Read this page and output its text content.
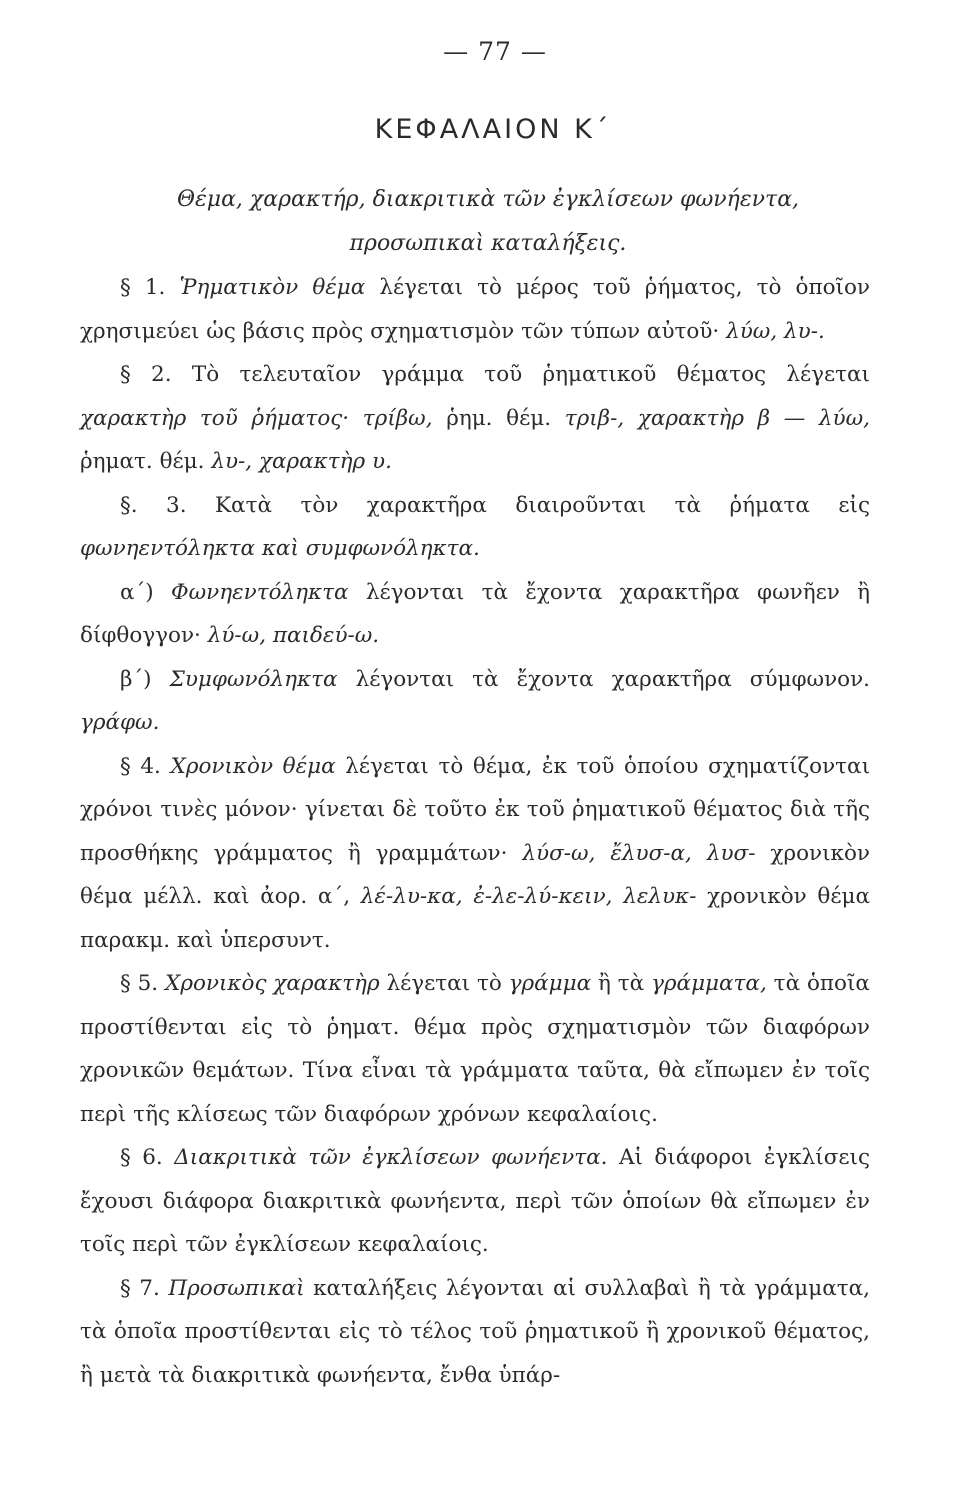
— 77 —
ΚΕΦΑΛΑΙΟΝ Κ΄
Θέμα, χαρακτήρ, διακριτικὰ τῶν ἐγκλίσεων φωνήεντα,
προσωπικαὶ καταλήξεις.

§ 1. Ῥηματικὸν θέμα λέγεται τὸ μέρος τοῦ ῥήματος, τὸ ὁποῖον χρησιμεύει ὡς βάσις πρὸς σχηματισμὸν τῶν τύπων αὐτοῦ· λύω, λυ-.

§ 2. Τὸ τελευταῖον γράμμα τοῦ ῥηματικοῦ θέματος λέγεται χαρακτὴρ τοῦ ῥήματος· τρίβω, ῥημ. θέμ. τριβ-, χαρακτὴρ β — λύω, ῥηματ. θέμ. λυ-, χαρακτὴρ υ.

§. 3. Κατὰ τὸν χαρακτῆρα διαιροῦνται τὰ ῥήματα εἰς φωνηεντόληκτα καὶ συμφωνόληκτα.

α΄) Φωνηεντόληκτα λέγονται τὰ ἔχοντα χαρακτῆρα φωνῆεν ἢ δίφθογγον· λύ-ω, παιδεύ-ω.

β΄) Συμφωνόληκτα λέγονται τὰ ἔχοντα χαρακτῆρα σύμφωνον. γράφω.

§ 4. Χρονικὸν θέμα λέγεται τὸ θέμα, ἐκ τοῦ ὁποίου σχηματίζονται χρόνοι τινὲς μόνον· γίνεται δὲ τοῦτο ἐκ τοῦ ῥηματικοῦ θέματος διὰ τῆς προσθήκης γράμματος ἢ γραμμάτων· λύσ-ω, ἔλυσ-α, λυσ- χρονικὸν θέμα μέλλ. καὶ ἀορ. α΄, λέ-λυ-κα, ἐ-λε-λύ-κειν, λελυκ- χρονικὸν θέμα παρακμ. καὶ ὑπερσυντ.

§ 5. Χρονικὸς χαρακτὴρ λέγεται τὸ γράμμα ἢ τὰ γράμματα, τὰ ὁποῖα προστίθενται εἰς τὸ ῥηματ. θέμα πρὸς σχηματισμὸν τῶν διαφόρων χρονικῶν θεμάτων. Τίνα εἶναι τὰ γράμματα ταῦτα, θὰ εἴπωμεν ἐν τοῖς περὶ τῆς κλίσεως τῶν διαφόρων χρόνων κεφαλαίοις.

§ 6. Διακριτικὰ τῶν ἐγκλίσεων φωνήεντα. Αἱ διάφοροι ἐγκλίσεις ἔχουσι διάφορα διακριτικὰ φωνήεντα, περὶ τῶν ὁποίων θὰ εἴπωμεν ἐν τοῖς περὶ τῶν ἐγκλίσεων κεφαλαίοις.

§ 7. Προσωπικαὶ καταλήξεις λέγονται αἱ συλλαβαὶ ἢ τὰ γράμματα, τὰ ὁποῖα προστίθενται εἰς τὸ τέλος τοῦ ῥηματικοῦ ἢ χρονικοῦ θέματος, ἢ μετὰ τὰ διακριτικὰ φωνήεντα, ἔνθα ὑπάρ-
